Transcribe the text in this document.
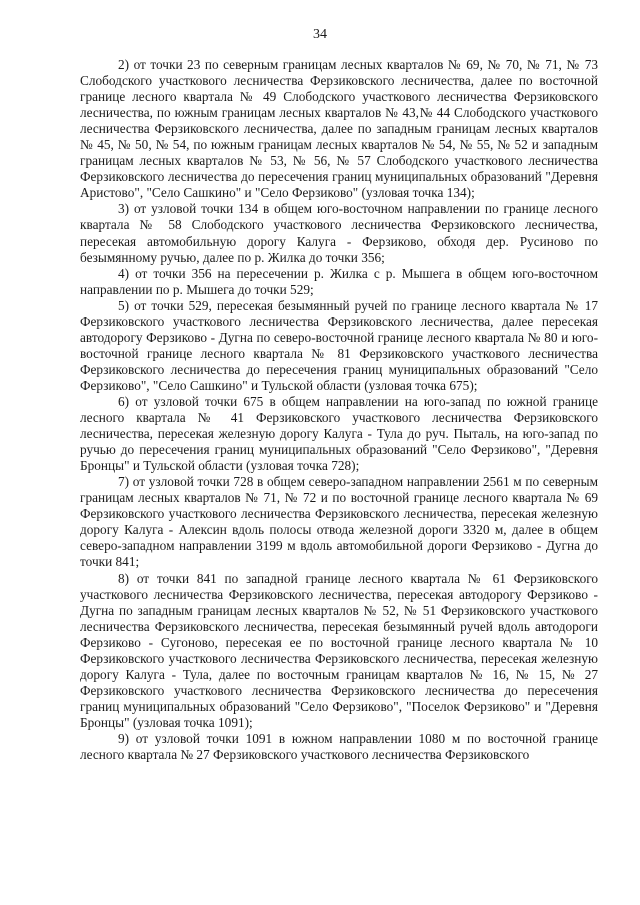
34

2) от точки 23 по северным границам лесных кварталов № 69, № 70, № 71, № 73 Слободского участкового лесничества Ферзиковского лесничества, далее по восточной границе лесного квартала № 49 Слободского участкового лесничества Ферзиковского лесничества, по южным границам лесных кварталов № 43,№ 44 Слободского участкового лесничества Ферзиковского лесничества, далее по западным границам лесных кварталов № 45, № 50, № 54, по южным границам лесных кварталов № 54, № 55, № 52 и западным границам лесных кварталов № 53, № 56, № 57 Слободского участкового лесничества Ферзиковского лесничества до пересечения границ муниципальных образований "Деревня Аристово", "Село Сашкино" и "Село Ферзиково" (узловая точка 134);

3) от узловой точки 134 в общем юго-восточном направлении по границе лесного квартала № 58 Слободского участкового лесничества Ферзиковского лесничества, пересекая автомобильную дорогу Калуга - Ферзиково, обходя дер. Русиново по безымянному ручью, далее по р. Жилка до точки 356;

4) от точки 356 на пересечении р. Жилка с р. Мышега в общем юго-восточном направлении по р. Мышега до точки 529;

5) от точки 529, пересекая безымянный ручей по границе лесного квартала № 17 Ферзиковского участкового лесничества Ферзиковского лесничества, далее пересекая автодорогу Ферзиково - Дугна по северо-восточной границе лесного квартала № 80 и юго-восточной границе лесного квартала № 81 Ферзиковского участкового лесничества Ферзиковского лесничества до пересечения границ муниципальных образований "Село Ферзиково", "Село Сашкино" и Тульской области (узловая точка 675);

6) от узловой точки 675 в общем направлении на юго-запад по южной границе лесного квартала № 41 Ферзиковского участкового лесничества Ферзиковского лесничества, пересекая железную дорогу Калуга - Тула до руч. Пыталь, на юго-запад по ручью до пересечения границ муниципальных образований "Село Ферзиково", "Деревня Бронцы" и Тульской области (узловая точка 728);

7) от узловой точки 728 в общем северо-западном направлении 2561 м по северным границам лесных кварталов № 71, № 72 и по восточной границе лесного квартала № 69 Ферзиковского участкового лесничества Ферзиковского лесничества, пересекая железную дорогу Калуга - Алексин вдоль полосы отвода железной дороги 3320 м, далее в общем северо-западном направлении 3199 м вдоль автомобильной дороги Ферзиково - Дугна до точки 841;

8) от точки 841 по западной границе лесного квартала № 61 Ферзиковского участкового лесничества Ферзиковского лесничества, пересекая автодорогу Ферзиково - Дугна по западным границам лесных кварталов № 52, № 51 Ферзиковского участкового лесничества Ферзиковского лесничества, пересекая безымянный ручей вдоль автодороги Ферзиково - Сугоново, пересекая ее по восточной границе лесного квартала № 10 Ферзиковского участкового лесничества Ферзиковского лесничества, пересекая железную дорогу Калуга - Тула, далее по восточным границам кварталов № 16, № 15, № 27 Ферзиковского участкового лесничества Ферзиковского лесничества до пересечения границ муниципальных образований "Село Ферзиково", "Поселок Ферзиково" и "Деревня Бронцы" (узловая точка 1091);

9) от узловой точки 1091 в южном направлении 1080 м по восточной границе лесного квартала № 27 Ферзиковского участкового лесничества Ферзиковского
